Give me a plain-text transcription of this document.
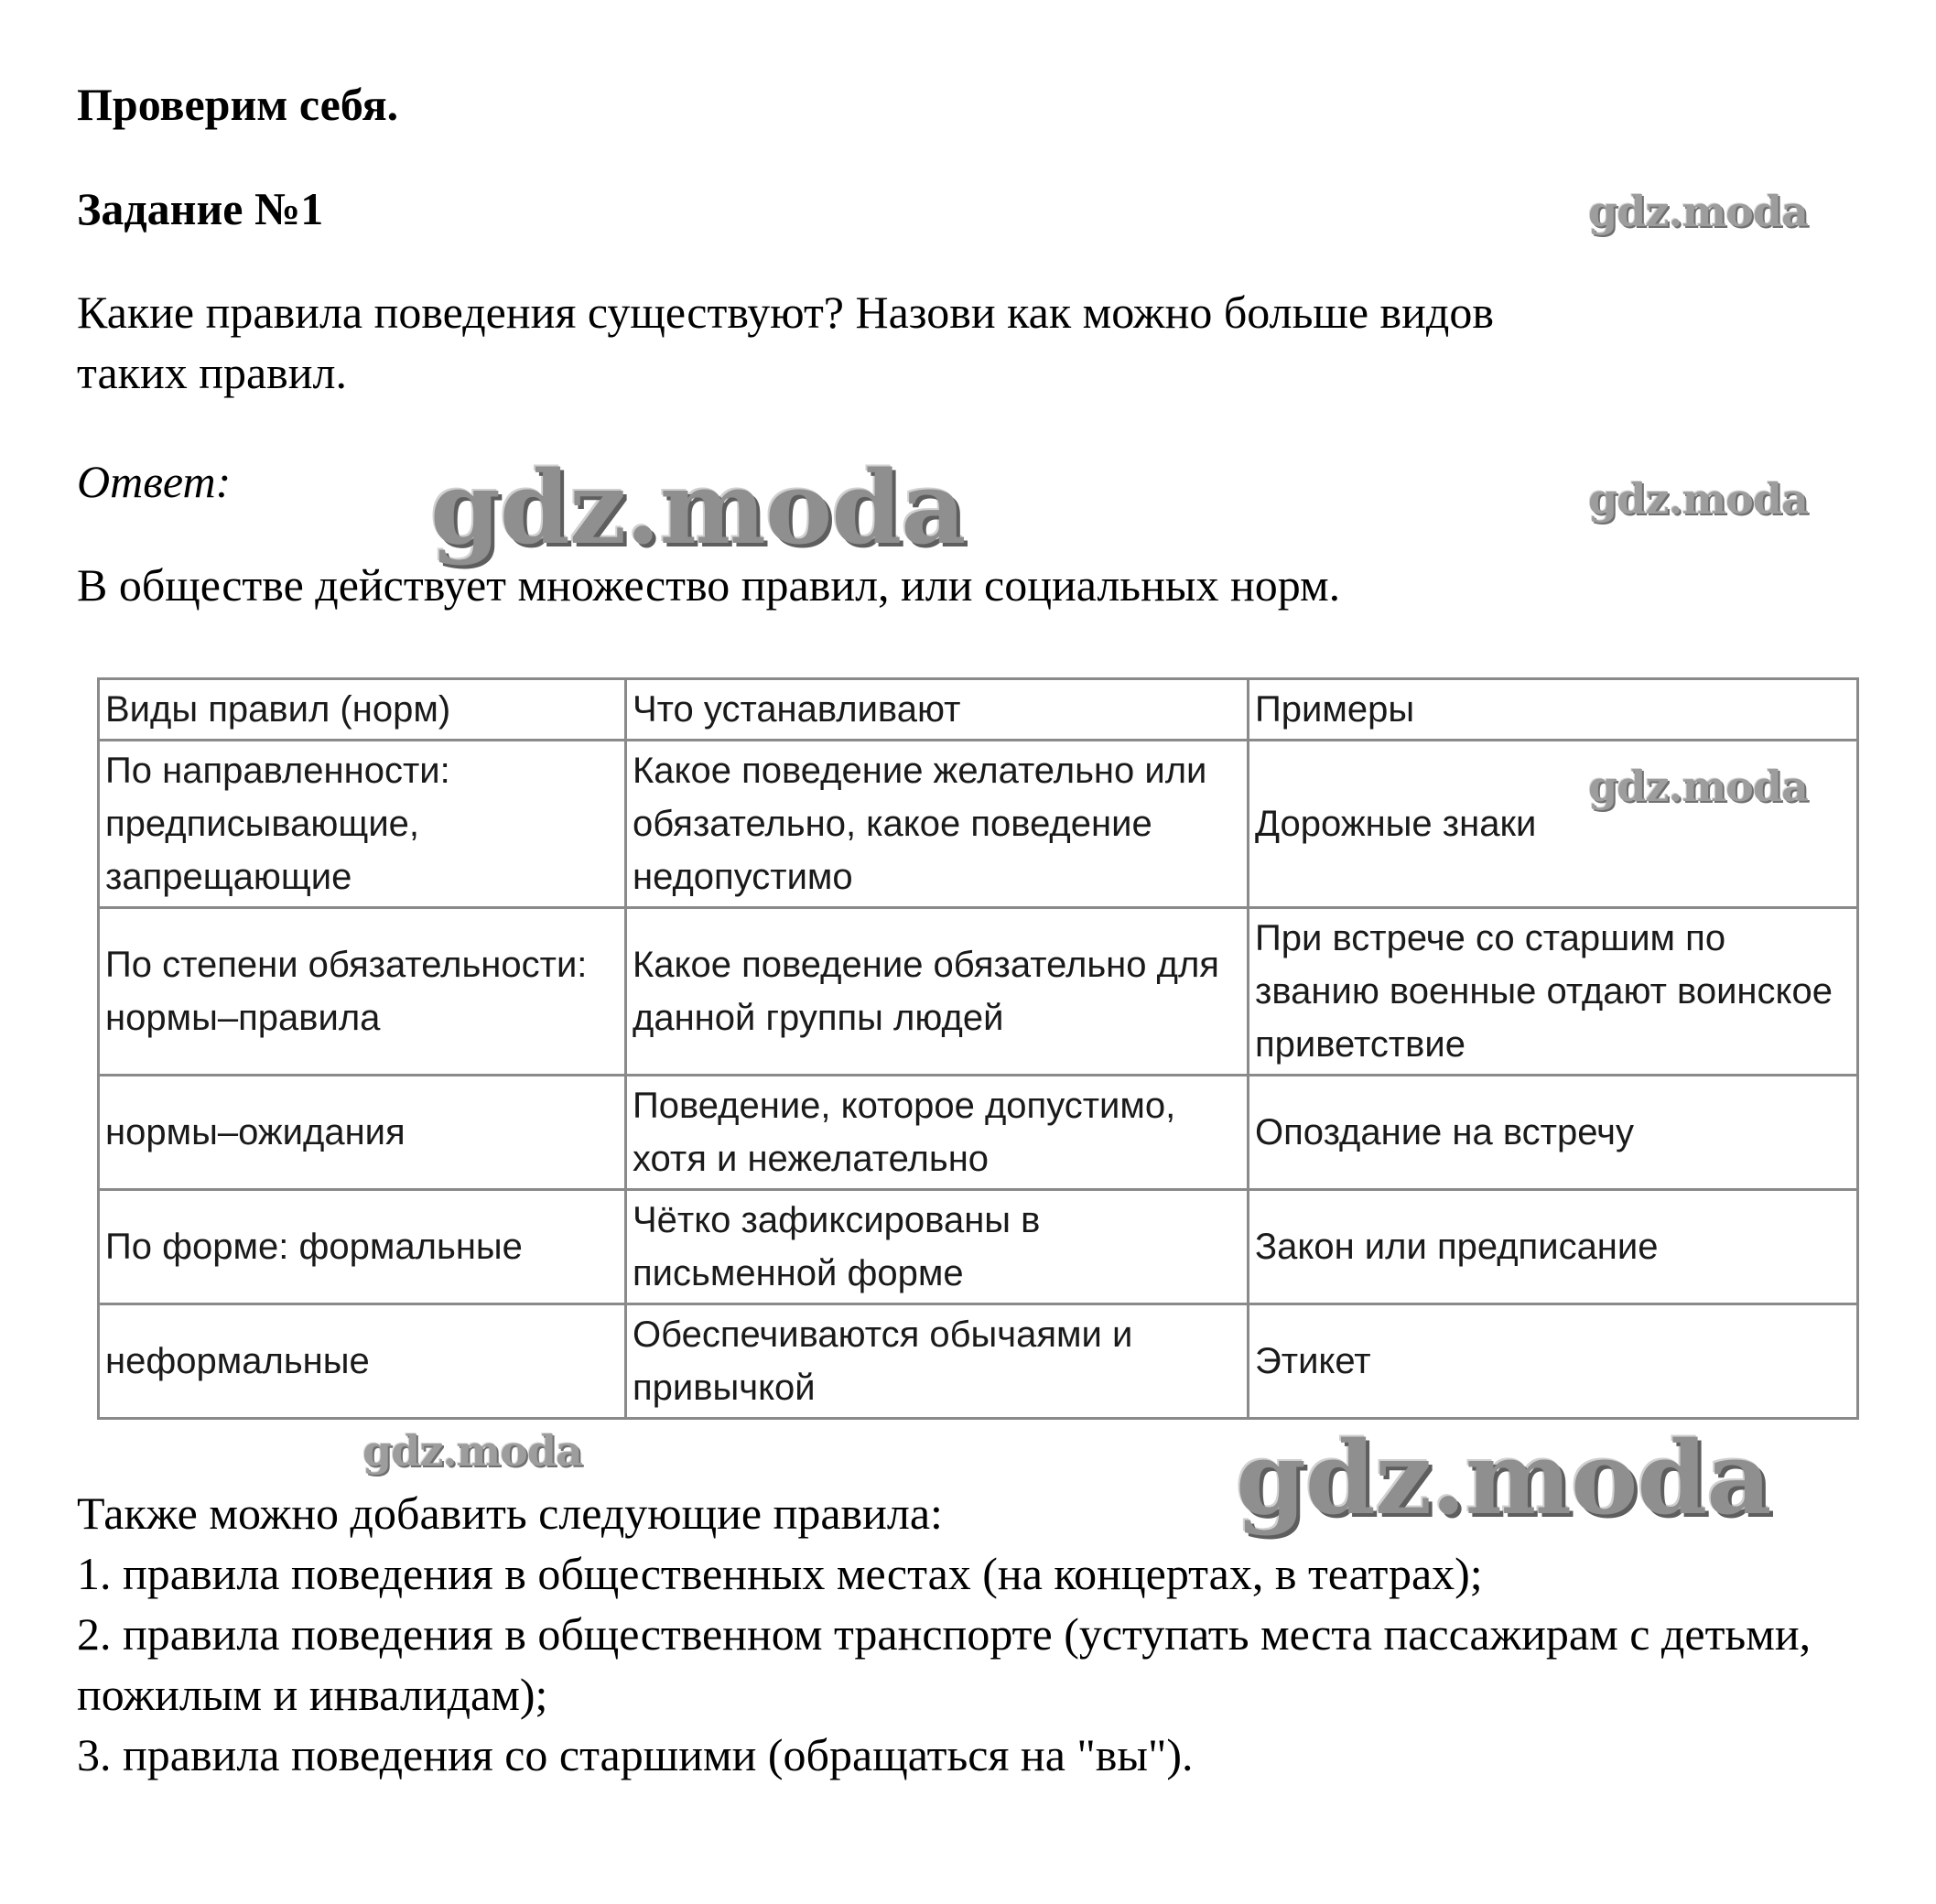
Проверим себя.
Задание №1
Какие правила поведения существуют? Назови как можно больше видов
таких правил.
Ответ:
В обществе действует множество правил, или социальных норм.
Виды правил (норм)	Что устанавливают	Примеры
По направленности: предписывающие, запрещающие	Какое поведение желательно или обязательно, какое поведение недопустимо	Дорожные знаки
По степени обязательности: нормы–правила	Какое поведение обязательно для данной группы людей	При встрече со старшим по званию военные отдают воинское приветствие
нормы–ожидания	Поведение, которое допустимо, хотя и нежелательно	Опоздание на встречу
По форме: формальные	Чётко зафиксированы в письменной форме	Закон или предписание
неформальные	Обеспечиваются обычаями и привычкой	Этикет
Также можно добавить следующие правила:
1. правила поведения в общественных местах (на концертах, в театрах);
2. правила поведения в общественном транспорте (уступать места пассажирам с детьми, пожилым и инвалидам);
3. правила поведения со старшими (обращаться на "вы").
gdz.moda
gdz.moda	gdz.moda
gdz.moda
gdz.moda	gdz.moda
